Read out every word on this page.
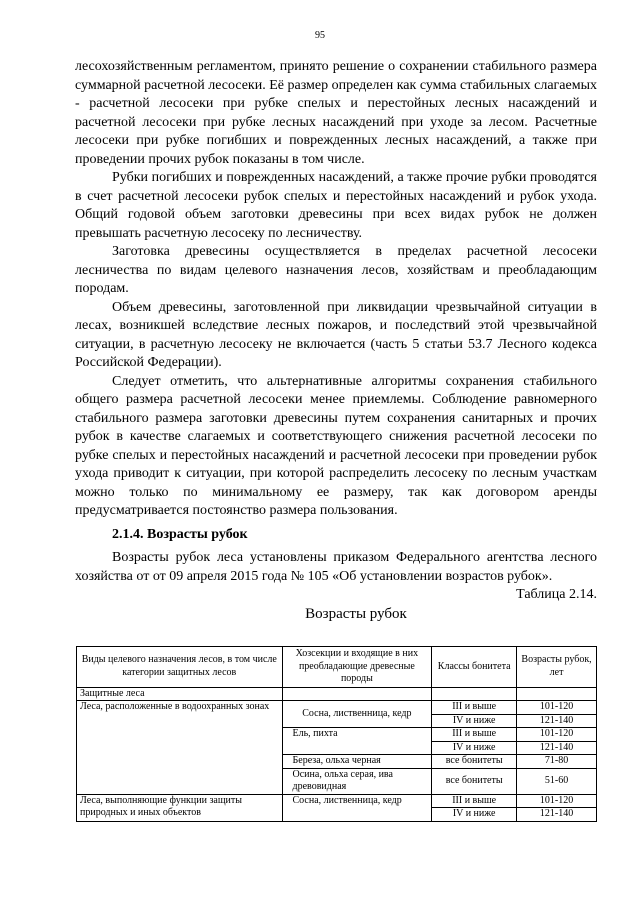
95

лесохозяйственным регламентом, принято решение о сохранении стабильного размера суммарной расчетной лесосеки. Её размер определен как сумма стабильных слагаемых - расчетной лесосеки при рубке спелых и перестойных лесных насаждений и расчетной лесосеки при рубке лесных насаждений при уходе за лесом. Расчетные лесосеки при рубке погибших и поврежденных лесных насаждений, а также при проведении прочих рубок показаны в том числе.

Рубки погибших и поврежденных насаждений, а также прочие рубки проводятся в счет расчетной лесосеки рубок спелых и перестойных насаждений и рубок ухода. Общий годовой объем заготовки древесины при всех видах рубок не должен превышать расчетную лесосеку по лесничеству.

Заготовка древесины осуществляется в пределах расчетной лесосеки лесничества по видам целевого назначения лесов, хозяйствам и преобладающим породам.

Объем древесины, заготовленной при ликвидации чрезвычайной ситуации в лесах, возникшей вследствие лесных пожаров, и последствий этой чрезвычайной ситуации, в расчетную лесосеку не включается (часть 5 статьи 53.7 Лесного кодекса Российской Федерации).

Следует отметить, что альтернативные алгоритмы сохранения стабильного общего размера расчетной лесосеки менее приемлемы. Соблюдение равномерного стабильного размера заготовки древесины путем сохранения санитарных и прочих рубок в качестве слагаемых и соответствующего снижения расчетной лесосеки по рубке спелых и перестойных насаждений и расчетной лесосеки при проведении рубок ухода приводит к ситуации, при которой распределить лесосеку по лесным участкам можно только по минимальному ее размеру, так как договором аренды предусматривается постоянство размера пользования.

2.1.4. Возрасты рубок

Возрасты рубок леса установлены приказом Федерального агентства лесного хозяйства от от 09 апреля 2015 года № 105 «Об установлении возрастов рубок».

Таблица 2.14.

Возрасты рубок

Виды целевого назначения лесов, в том числе категории защитных лесов	Хозсекции и входящие в них преобладающие древесные породы	Классы бонитета	Возрасты рубок, лет
Защитные леса			
Леса, расположенные в водоохранных зонах	Сосна, лиственница, кедр	III и выше	101-120
		IV и ниже	121-140
	Ель, пихта	III и выше	101-120
		IV и ниже	121-140
	Береза, ольха черная	все бонитеты	71-80
	Осина, ольха серая, ива древовидная	все бонитеты	51-60
Леса, выполняющие функции защиты природных и иных объектов	Сосна, лиственница, кедр	III и выше	101-120
		IV и ниже	121-140
